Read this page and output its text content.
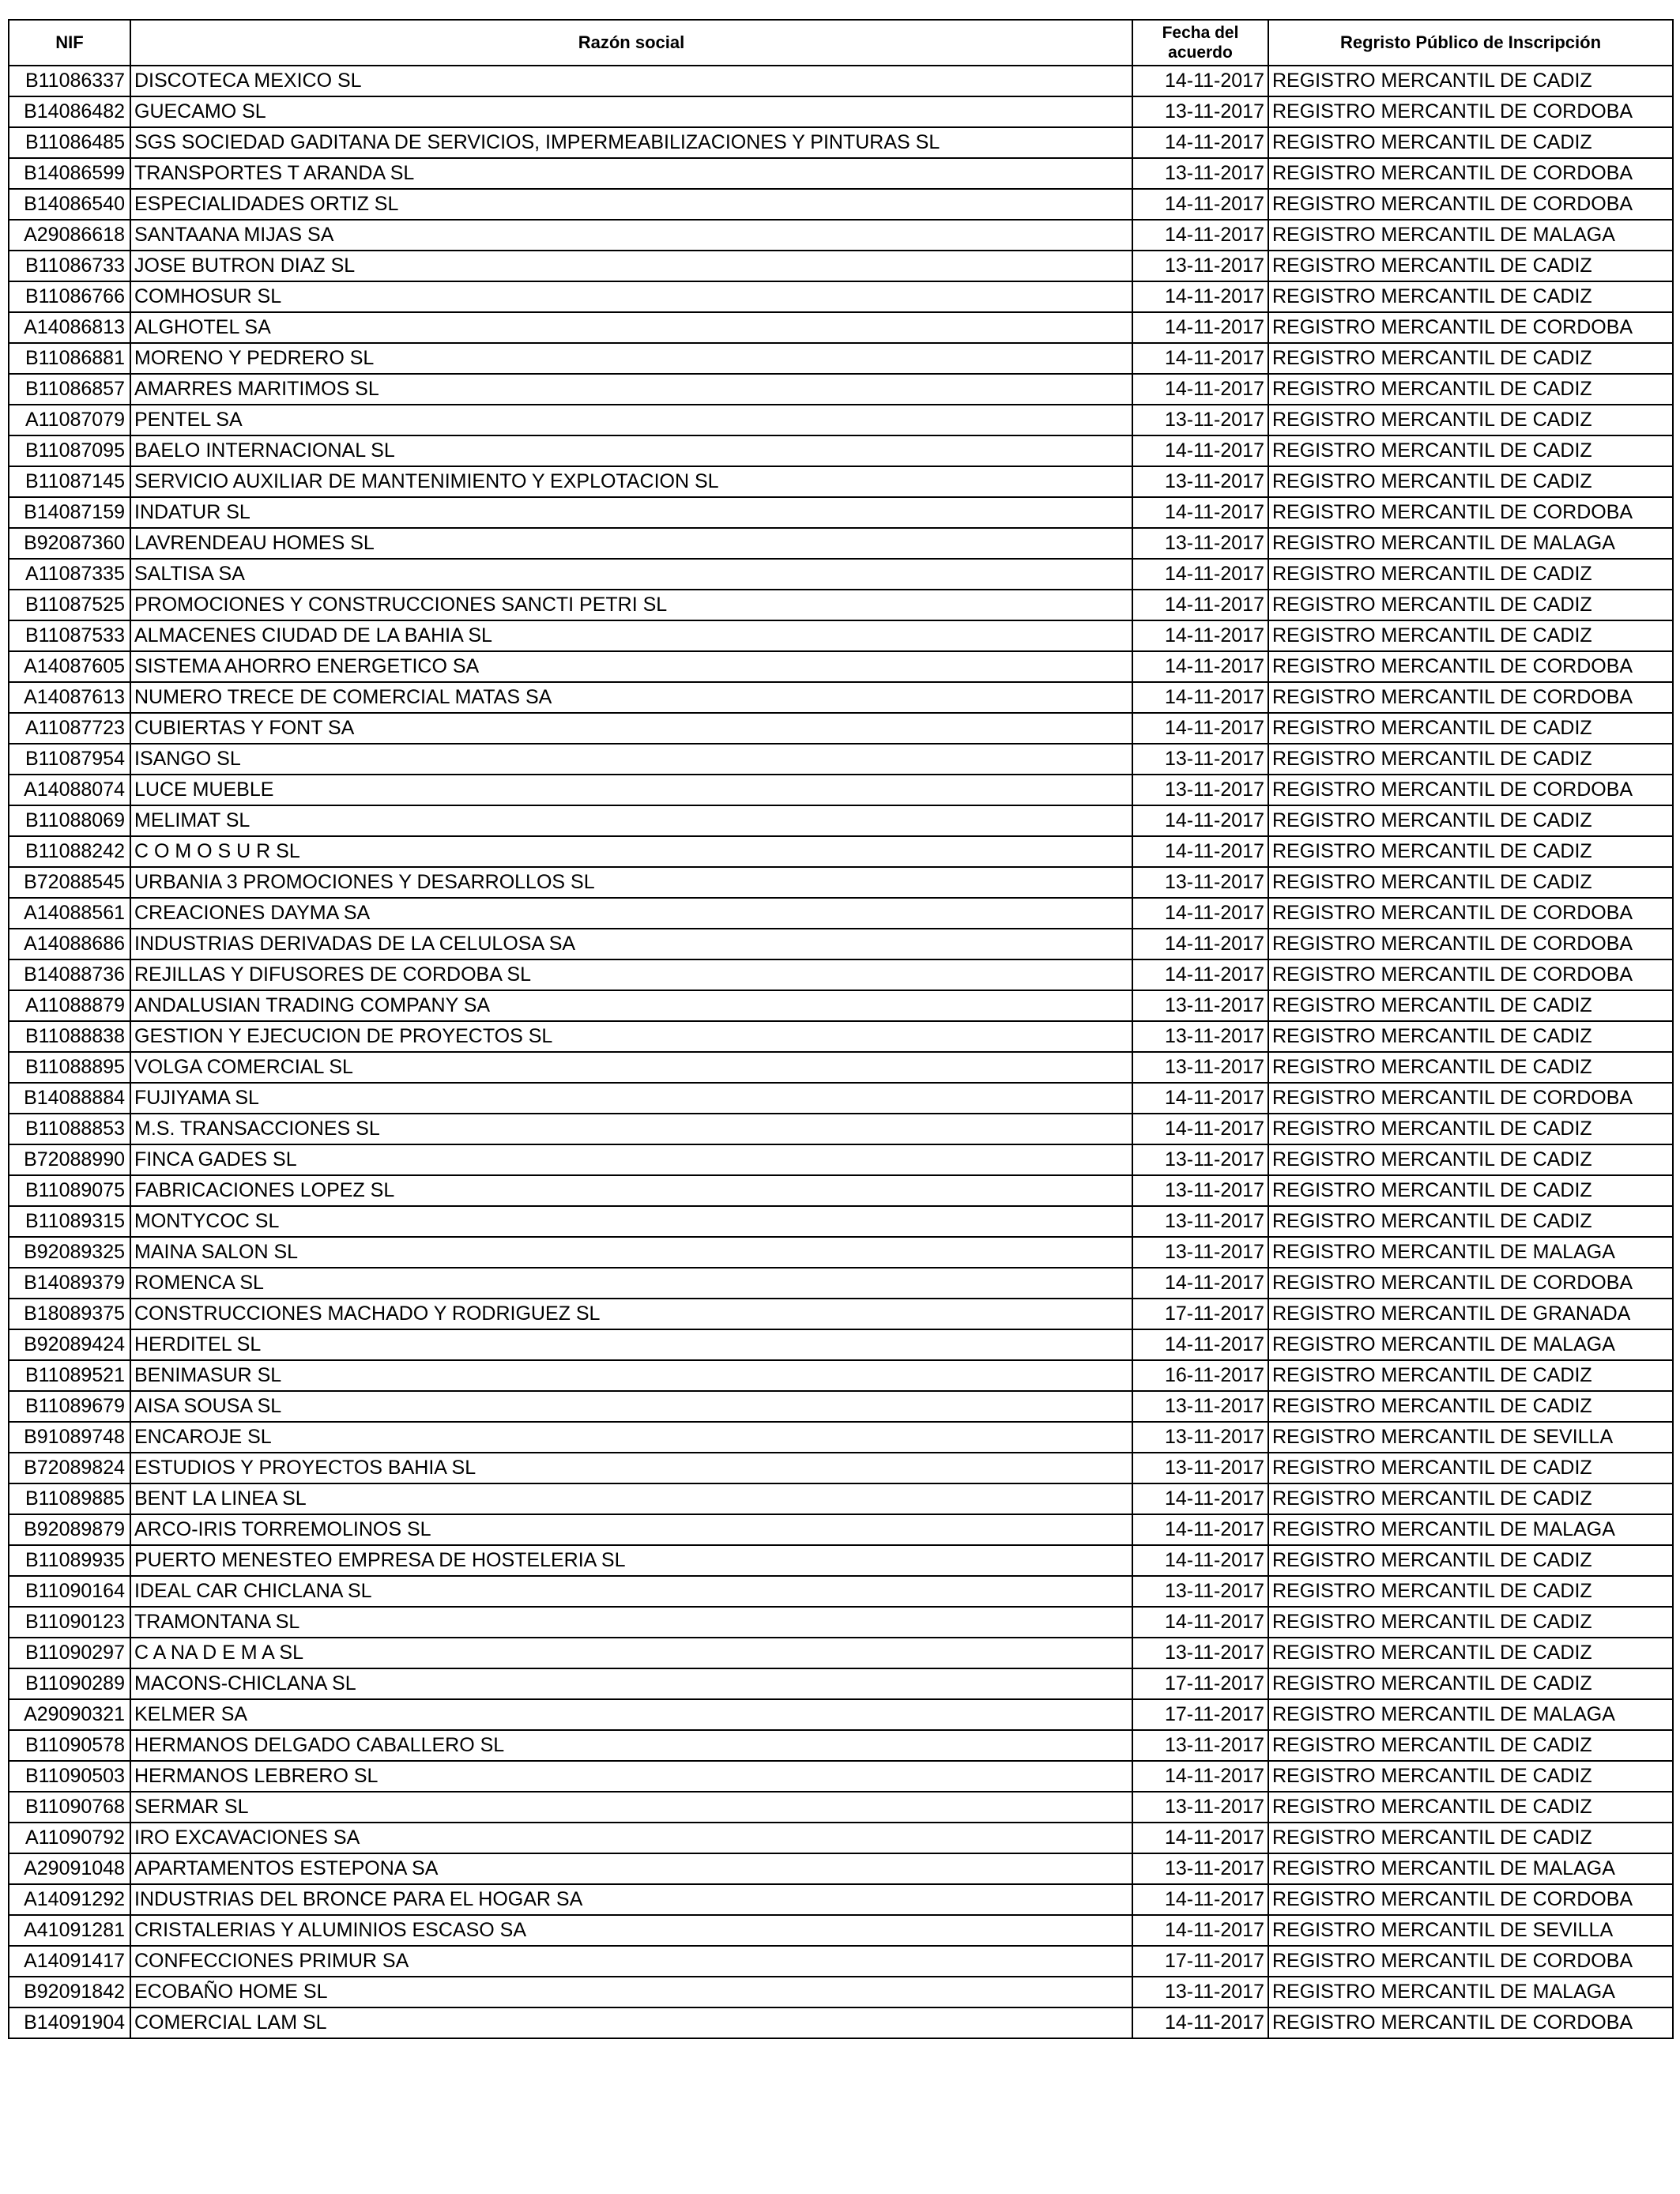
NIF	Razón social	Fecha del acuerdo	Regristo Público de Inscripción
B11086337	DISCOTECA MEXICO SL	14-11-2017	REGISTRO MERCANTIL DE CADIZ
B14086482	GUECAMO SL	13-11-2017	REGISTRO MERCANTIL DE CORDOBA
B11086485	SGS SOCIEDAD GADITANA DE SERVICIOS, IMPERMEABILIZACIONES Y PINTURAS SL	14-11-2017	REGISTRO MERCANTIL DE CADIZ
B14086599	TRANSPORTES T ARANDA SL	13-11-2017	REGISTRO MERCANTIL DE CORDOBA
B14086540	ESPECIALIDADES ORTIZ SL	14-11-2017	REGISTRO MERCANTIL DE CORDOBA
A29086618	SANTAANA MIJAS SA	14-11-2017	REGISTRO MERCANTIL DE MALAGA
B11086733	JOSE BUTRON DIAZ SL	13-11-2017	REGISTRO MERCANTIL DE CADIZ
B11086766	COMHOSUR SL	14-11-2017	REGISTRO MERCANTIL DE CADIZ
A14086813	ALGHOTEL SA	14-11-2017	REGISTRO MERCANTIL DE CORDOBA
B11086881	MORENO Y PEDRERO SL	14-11-2017	REGISTRO MERCANTIL DE CADIZ
B11086857	AMARRES MARITIMOS SL	14-11-2017	REGISTRO MERCANTIL DE CADIZ
A11087079	PENTEL SA	13-11-2017	REGISTRO MERCANTIL DE CADIZ
B11087095	BAELO INTERNACIONAL SL	14-11-2017	REGISTRO MERCANTIL DE CADIZ
B11087145	SERVICIO AUXILIAR DE MANTENIMIENTO Y EXPLOTACION SL	13-11-2017	REGISTRO MERCANTIL DE CADIZ
B14087159	INDATUR SL	14-11-2017	REGISTRO MERCANTIL DE CORDOBA
B92087360	LAVRENDEAU HOMES SL	13-11-2017	REGISTRO MERCANTIL DE MALAGA
A11087335	SALTISA SA	14-11-2017	REGISTRO MERCANTIL DE CADIZ
B11087525	PROMOCIONES Y CONSTRUCCIONES SANCTI PETRI SL	14-11-2017	REGISTRO MERCANTIL DE CADIZ
B11087533	ALMACENES CIUDAD DE LA BAHIA SL	14-11-2017	REGISTRO MERCANTIL DE CADIZ
A14087605	SISTEMA AHORRO ENERGETICO SA	14-11-2017	REGISTRO MERCANTIL DE CORDOBA
A14087613	NUMERO TRECE DE COMERCIAL MATAS SA	14-11-2017	REGISTRO MERCANTIL DE CORDOBA
A11087723	CUBIERTAS Y FONT SA	14-11-2017	REGISTRO MERCANTIL DE CADIZ
B11087954	ISANGO SL	13-11-2017	REGISTRO MERCANTIL DE CADIZ
A14088074	LUCE MUEBLE	13-11-2017	REGISTRO MERCANTIL DE CORDOBA
B11088069	MELIMAT SL	14-11-2017	REGISTRO MERCANTIL DE CADIZ
B11088242	C O M O S U R SL	14-11-2017	REGISTRO MERCANTIL DE CADIZ
B72088545	URBANIA 3 PROMOCIONES Y DESARROLLOS SL	13-11-2017	REGISTRO MERCANTIL DE CADIZ
A14088561	CREACIONES DAYMA SA	14-11-2017	REGISTRO MERCANTIL DE CORDOBA
A14088686	INDUSTRIAS DERIVADAS DE LA CELULOSA SA	14-11-2017	REGISTRO MERCANTIL DE CORDOBA
B14088736	REJILLAS Y DIFUSORES DE CORDOBA SL	14-11-2017	REGISTRO MERCANTIL DE CORDOBA
A11088879	ANDALUSIAN TRADING COMPANY SA	13-11-2017	REGISTRO MERCANTIL DE CADIZ
B11088838	GESTION Y EJECUCION DE PROYECTOS SL	13-11-2017	REGISTRO MERCANTIL DE CADIZ
B11088895	VOLGA COMERCIAL SL	13-11-2017	REGISTRO MERCANTIL DE CADIZ
B14088884	FUJIYAMA SL	14-11-2017	REGISTRO MERCANTIL DE CORDOBA
B11088853	M.S. TRANSACCIONES SL	14-11-2017	REGISTRO MERCANTIL DE CADIZ
B72088990	FINCA GADES SL	13-11-2017	REGISTRO MERCANTIL DE CADIZ
B11089075	FABRICACIONES LOPEZ SL	13-11-2017	REGISTRO MERCANTIL DE CADIZ
B11089315	MONTYCOC SL	13-11-2017	REGISTRO MERCANTIL DE CADIZ
B92089325	MAINA SALON SL	13-11-2017	REGISTRO MERCANTIL DE MALAGA
B14089379	ROMENCA SL	14-11-2017	REGISTRO MERCANTIL DE CORDOBA
B18089375	CONSTRUCCIONES MACHADO Y RODRIGUEZ SL	17-11-2017	REGISTRO MERCANTIL DE GRANADA
B92089424	HERDITEL SL	14-11-2017	REGISTRO MERCANTIL DE MALAGA
B11089521	BENIMASUR SL	16-11-2017	REGISTRO MERCANTIL DE CADIZ
B11089679	AISA SOUSA SL	13-11-2017	REGISTRO MERCANTIL DE CADIZ
B91089748	ENCAROJE SL	13-11-2017	REGISTRO MERCANTIL DE SEVILLA
B72089824	ESTUDIOS Y PROYECTOS BAHIA SL	13-11-2017	REGISTRO MERCANTIL DE CADIZ
B11089885	BENT LA LINEA SL	14-11-2017	REGISTRO MERCANTIL DE CADIZ
B92089879	ARCO-IRIS TORREMOLINOS SL	14-11-2017	REGISTRO MERCANTIL DE MALAGA
B11089935	PUERTO MENESTEO EMPRESA DE HOSTELERIA SL	14-11-2017	REGISTRO MERCANTIL DE CADIZ
B11090164	IDEAL CAR CHICLANA SL	13-11-2017	REGISTRO MERCANTIL DE CADIZ
B11090123	TRAMONTANA SL	14-11-2017	REGISTRO MERCANTIL DE CADIZ
B11090297	C A NA D E M A SL	13-11-2017	REGISTRO MERCANTIL DE CADIZ
B11090289	MACONS-CHICLANA SL	17-11-2017	REGISTRO MERCANTIL DE CADIZ
A29090321	KELMER SA	17-11-2017	REGISTRO MERCANTIL DE MALAGA
B11090578	HERMANOS DELGADO CABALLERO SL	13-11-2017	REGISTRO MERCANTIL DE CADIZ
B11090503	HERMANOS LEBRERO SL	14-11-2017	REGISTRO MERCANTIL DE CADIZ
B11090768	SERMAR SL	13-11-2017	REGISTRO MERCANTIL DE CADIZ
A11090792	IRO EXCAVACIONES SA	14-11-2017	REGISTRO MERCANTIL DE CADIZ
A29091048	APARTAMENTOS ESTEPONA SA	13-11-2017	REGISTRO MERCANTIL DE MALAGA
A14091292	INDUSTRIAS DEL BRONCE PARA EL HOGAR SA	14-11-2017	REGISTRO MERCANTIL DE CORDOBA
A41091281	CRISTALERIAS Y ALUMINIOS ESCASO SA	14-11-2017	REGISTRO MERCANTIL DE SEVILLA
A14091417	CONFECCIONES PRIMUR SA	17-11-2017	REGISTRO MERCANTIL DE CORDOBA
B92091842	ECOBAÑO HOME SL	13-11-2017	REGISTRO MERCANTIL DE MALAGA
B14091904	COMERCIAL LAM SL	14-11-2017	REGISTRO MERCANTIL DE CORDOBA
